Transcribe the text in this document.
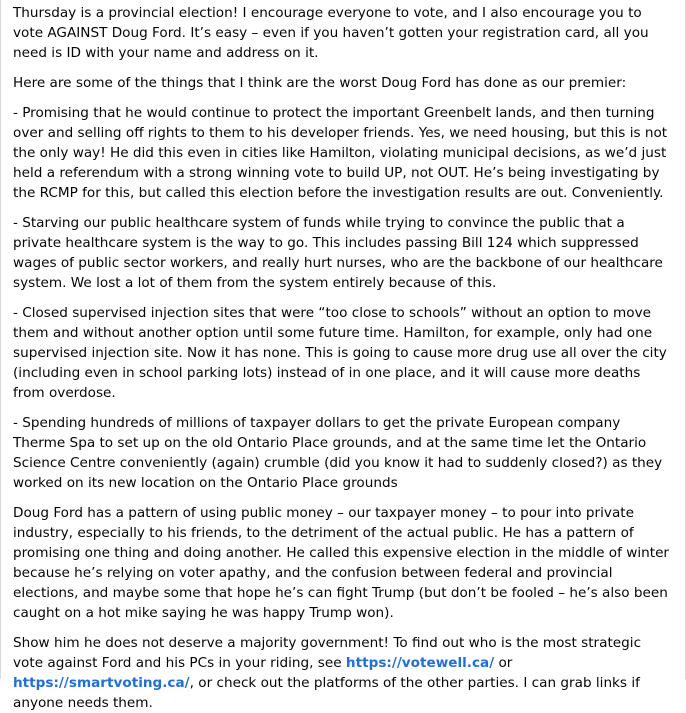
Thursday is a provincial election! I encourage everyone to vote, and I also encourage you to vote AGAINST Doug Ford. It’s easy – even if you haven’t gotten your registration card, all you need is ID with your name and address on it.

Here are some of the things that I think are the worst Doug Ford has done as our premier:

- Promising that he would continue to protect the important Greenbelt lands, and then turning over and selling off rights to them to his developer friends. Yes, we need housing, but this is not the only way! He did this even in cities like Hamilton, violating municipal decisions, as we’d just held a referendum with a strong winning vote to build UP, not OUT. He’s being investigating by the RCMP for this, but called this election before the investigation results are out. Conveniently.

- Starving our public healthcare system of funds while trying to convince the public that a private healthcare system is the way to go. This includes passing Bill 124 which suppressed wages of public sector workers, and really hurt nurses, who are the backbone of our healthcare system. We lost a lot of them from the system entirely because of this.

- Closed supervised injection sites that were “too close to schools” without an option to move them and without another option until some future time. Hamilton, for example, only had one supervised injection site. Now it has none. This is going to cause more drug use all over the city (including even in school parking lots) instead of in one place, and it will cause more deaths from overdose.

- Spending hundreds of millions of taxpayer dollars to get the private European company Therme Spa to set up on the old Ontario Place grounds, and at the same time let the Ontario Science Centre conveniently (again) crumble (did you know it had to suddenly closed?) as they worked on its new location on the Ontario Place grounds

Doug Ford has a pattern of using public money – our taxpayer money – to pour into private industry, especially to his friends, to the detriment of the actual public. He has a pattern of promising one thing and doing another. He called this expensive election in the middle of winter because he’s relying on voter apathy, and the confusion between federal and provincial elections, and maybe some that hope he’s can fight Trump (but don’t be fooled – he’s also been caught on a hot mike saying he was happy Trump won).

Show him he does not deserve a majority government! To find out who is the most strategic vote against Ford and his PCs in your riding, see https://votewell.ca/ or https://smartvoting.ca/, or check out the platforms of the other parties. I can grab links if anyone needs them.
